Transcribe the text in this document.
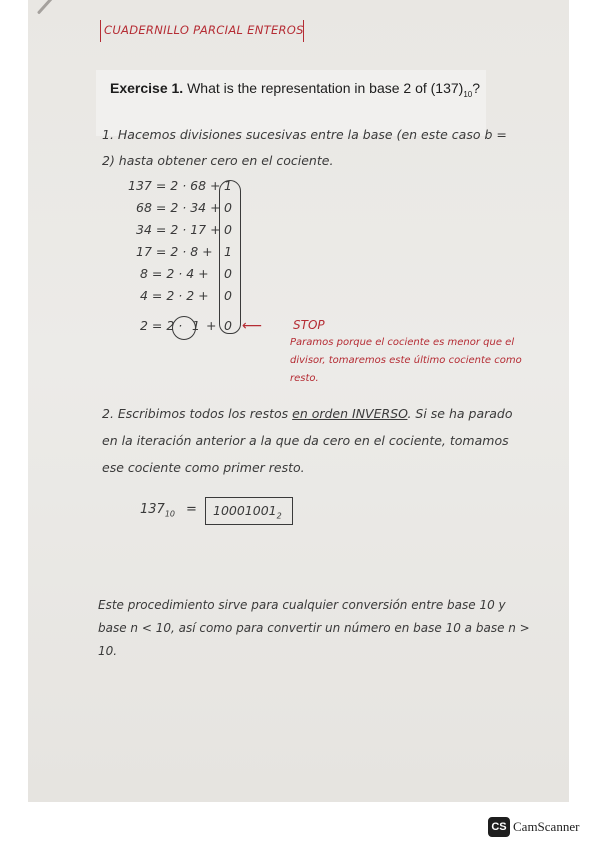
CUADERNILLO PARCIAL ENTEROS
Exercise 1. What is the representation in base 2 of $(137)_{10}$?
1. Hacemos divisiones sucesivas entre la base (en este caso b = 2) hasta obtener cero en el cociente.
137 = 2 · 68 + 1
68 = 2 · 34 + 0
34 = 2 · 17 + 0
17 = 2 · 8 + 1
8 = 2 · 4 + 0
4 = 2 · 2 + 0
2 = 2 · 1 + 0 ⟵	STOP
Paramos porque el cociente es menor que el divisor, tomaremos este último cociente como resto.
2. Escribimos todos los restos en orden INVERSO. Si se ha parado en la iteración anterior a la que da cero en el cociente, tomamos ese cociente como primer resto.
$137_{10} = 10001001_2$
Este procedimiento sirve para cualquier conversión entre base 10 y base n < 10, así como para convertir un número en base 10 a base n > 10.
CS CamScanner
